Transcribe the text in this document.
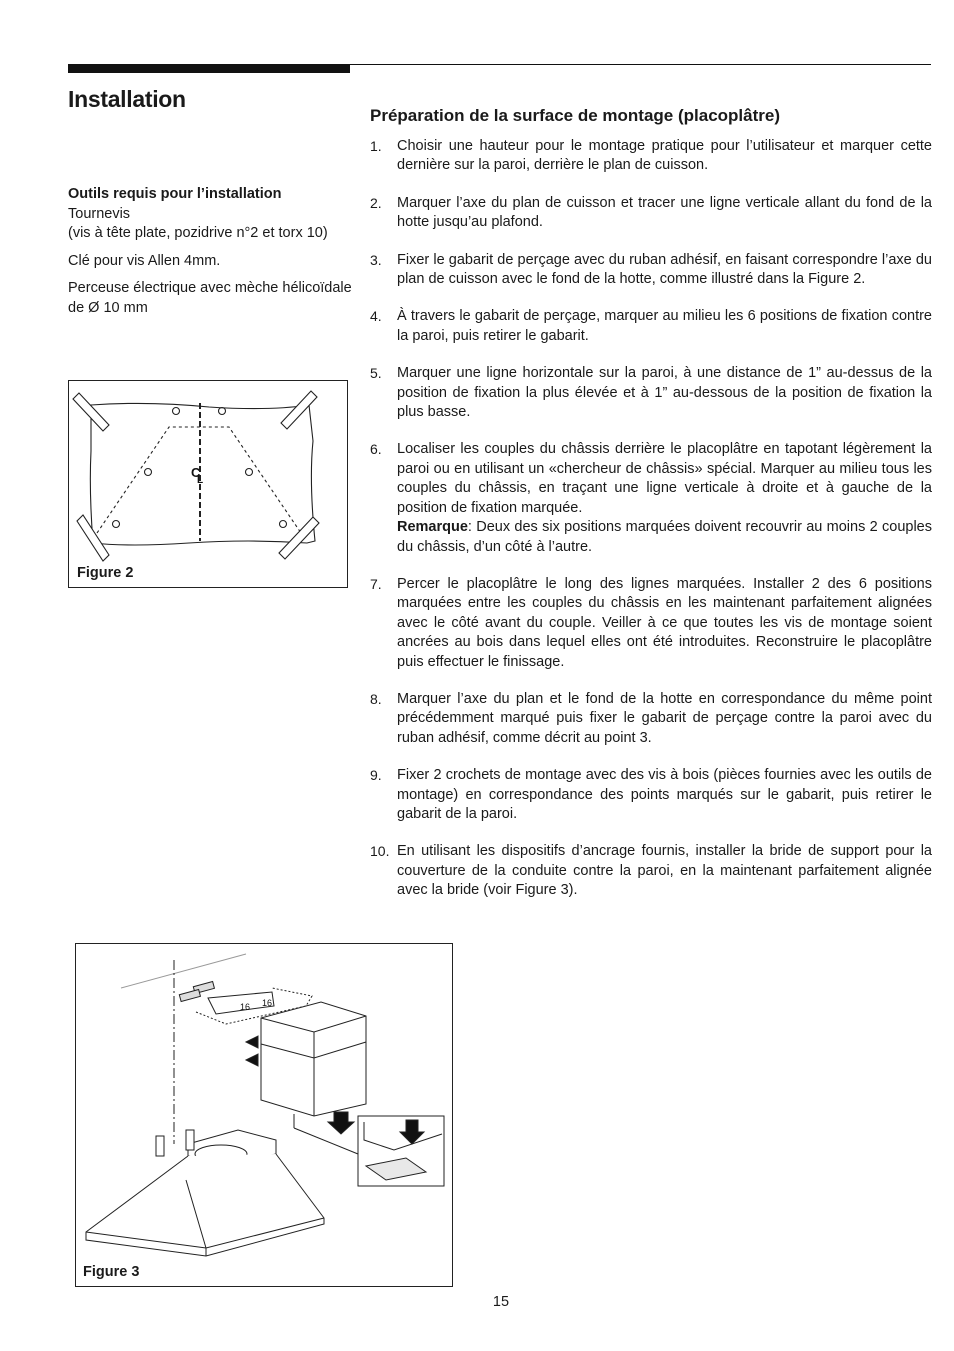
Installation
Outils requis pour l’installation
Tournevis
(vis à tête plate, pozidrive n°2 et torx 10)
Clé pour vis Allen 4mm.
Perceuse électrique avec mèche hélicoïdale de Ø 10 mm
Préparation de la surface de montage (placoplâtre)
1. Choisir une hauteur pour le montage pratique pour l’utilisateur et marquer cette dernière sur la paroi, derrière le plan de cuisson.
2. Marquer l’axe du plan de cuisson et tracer une ligne verticale allant du fond de la hotte jusqu’au plafond.
3. Fixer le gabarit de perçage avec du ruban adhésif, en faisant correspondre l’axe du plan de cuisson avec le fond de la hotte, comme illustré dans la Figure 2.
4. À travers le gabarit de perçage, marquer au milieu les 6 positions de fixation contre la paroi, puis retirer le gabarit.
5. Marquer une ligne horizontale sur la paroi, à une distance de 1” au-dessus de la position de fixation la plus élevée et à 1” au-dessous de la position de fixation la plus basse.
6. Localiser les couples du châssis derrière le placoplâtre en tapotant légèrement la paroi ou en utilisant un «chercheur de châssis» spécial. Marquer au milieu tous les couples du châssis, en traçant une ligne verticale à droite et à gauche de la position de fixation marquée.
Remarque: Deux des six positions marquées doivent recouvrir au moins 2 couples du châssis, d’un côté à l’autre.
7. Percer le placoplâtre le long des lignes marquées. Installer 2 des 6 positions marquées entre les couples du châssis en les maintenant parfaitement alignées avec le côté avant du couple. Veiller à ce que toutes les vis de montage soient ancrées au bois dans lequel elles ont été introduites. Reconstruire le placoplâtre puis effectuer le finissage.
8. Marquer l’axe du plan et le fond de la hotte en correspondance du même point précédemment marqué puis fixer le gabarit de perçage contre la paroi avec du ruban adhésif, comme décrit au point 3.
9. Fixer 2 crochets de montage avec des vis à bois (pièces fournies avec les outils de montage) en correspondance des points marqués sur le gabarit, puis retirer le gabarit de la paroi.
10. En utilisant les dispositifs d’ancrage fournis, installer la bride de support pour la couverture de la conduite contre la paroi, en la maintenant parfaitement alignée avec la bride (voir Figure 3).
C
L
Figure 2
16 16
Figure 3
15
